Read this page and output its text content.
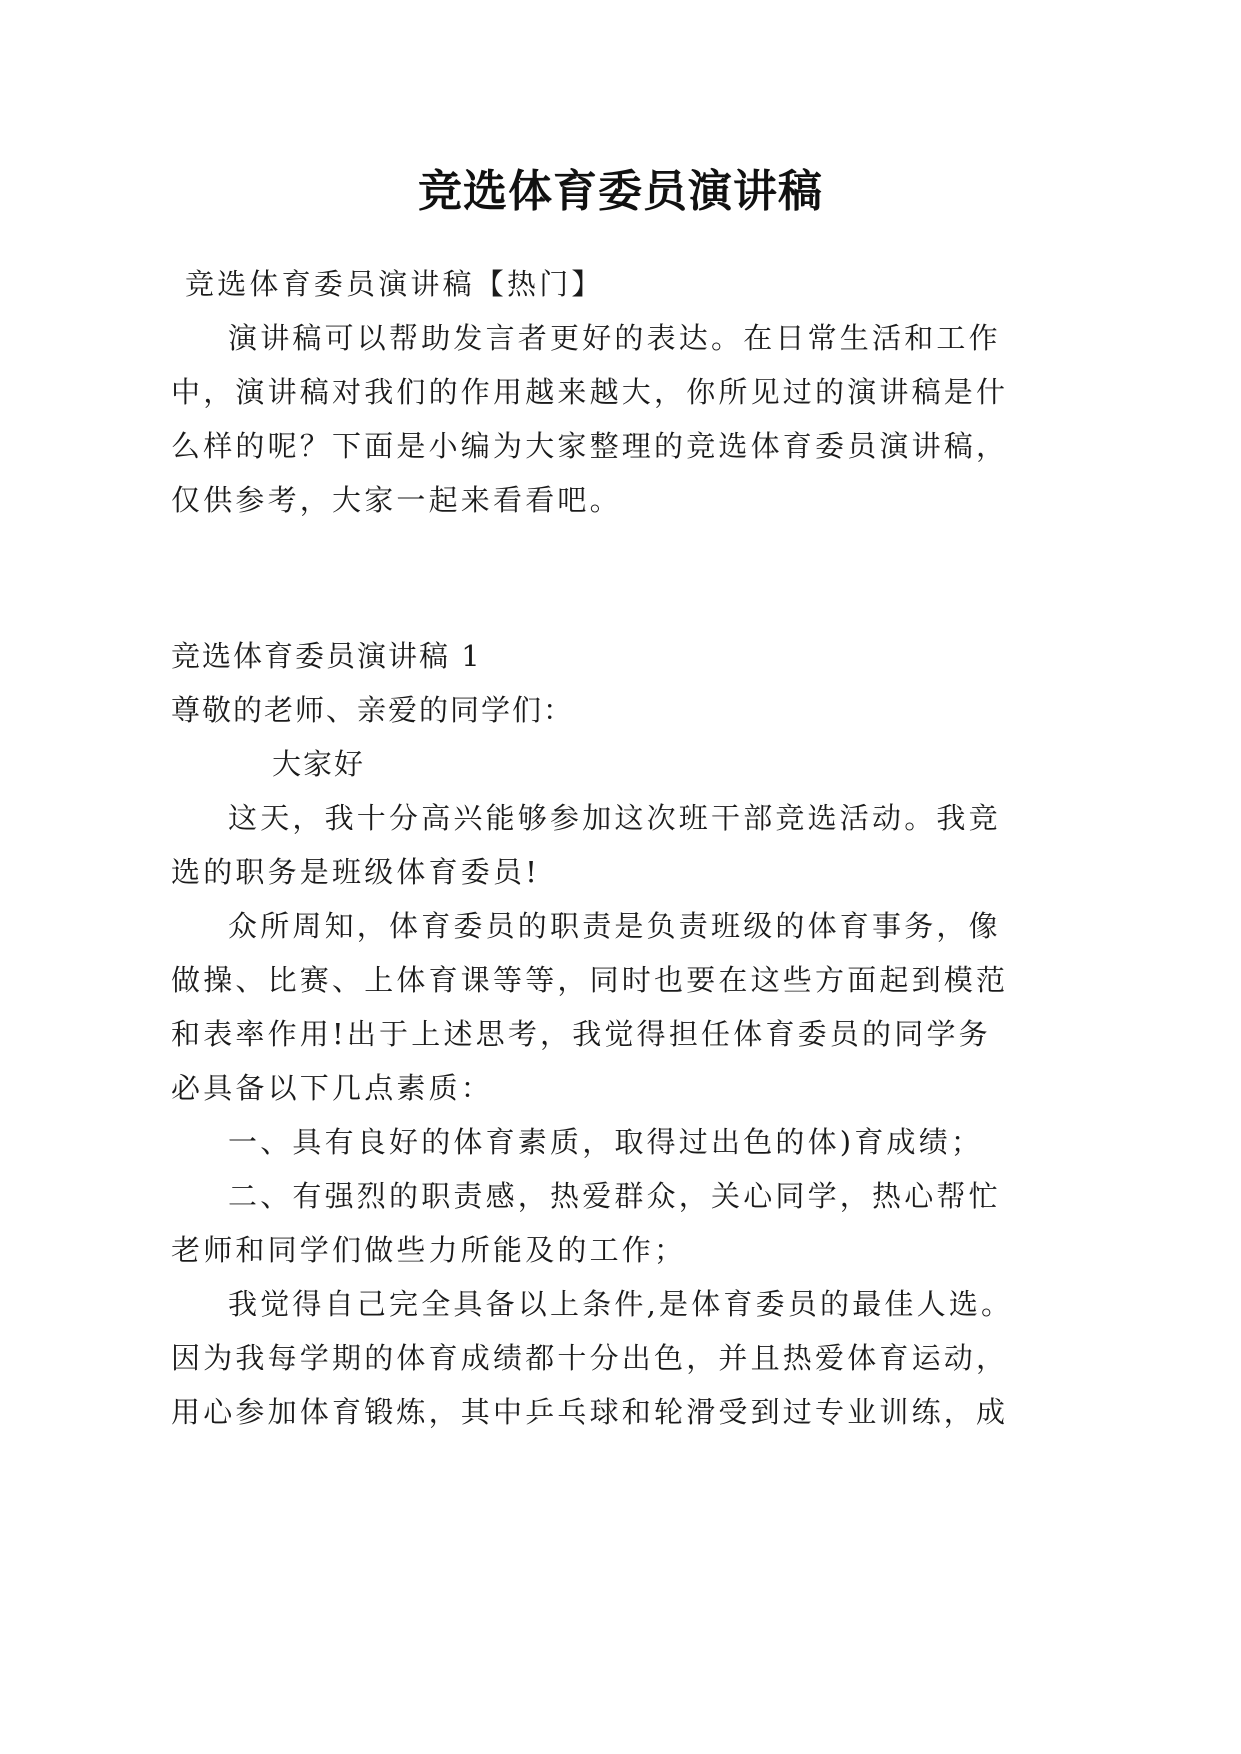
竞选体育委员演讲稿
竞选体育委员演讲稿【热门】
演讲稿可以帮助发言者更好的表达。在日常生活和工作
中，演讲稿对我们的作用越来越大，你所见过的演讲稿是什
么样的呢？下面是小编为大家整理的竞选体育委员演讲稿，
仅供参考，大家一起来看看吧。
竞选体育委员演讲稿 1
尊敬的老师、亲爱的同学们：
大家好
这天，我十分高兴能够参加这次班干部竞选活动。我竞
选的职务是班级体育委员!
众所周知，体育委员的职责是负责班级的体育事务，像
做操、比赛、上体育课等等，同时也要在这些方面起到模范
和表率作用!出于上述思考，我觉得担任体育委员的同学务
必具备以下几点素质：
一、具有良好的体育素质，取得过出色的体)育成绩；
二、有强烈的职责感，热爱群众，关心同学，热心帮忙
老师和同学们做些力所能及的工作；
我觉得自己完全具备以上条件,是体育委员的最佳人选。
因为我每学期的体育成绩都十分出色，并且热爱体育运动，
用心参加体育锻炼，其中乒乓球和轮滑受到过专业训练，成
